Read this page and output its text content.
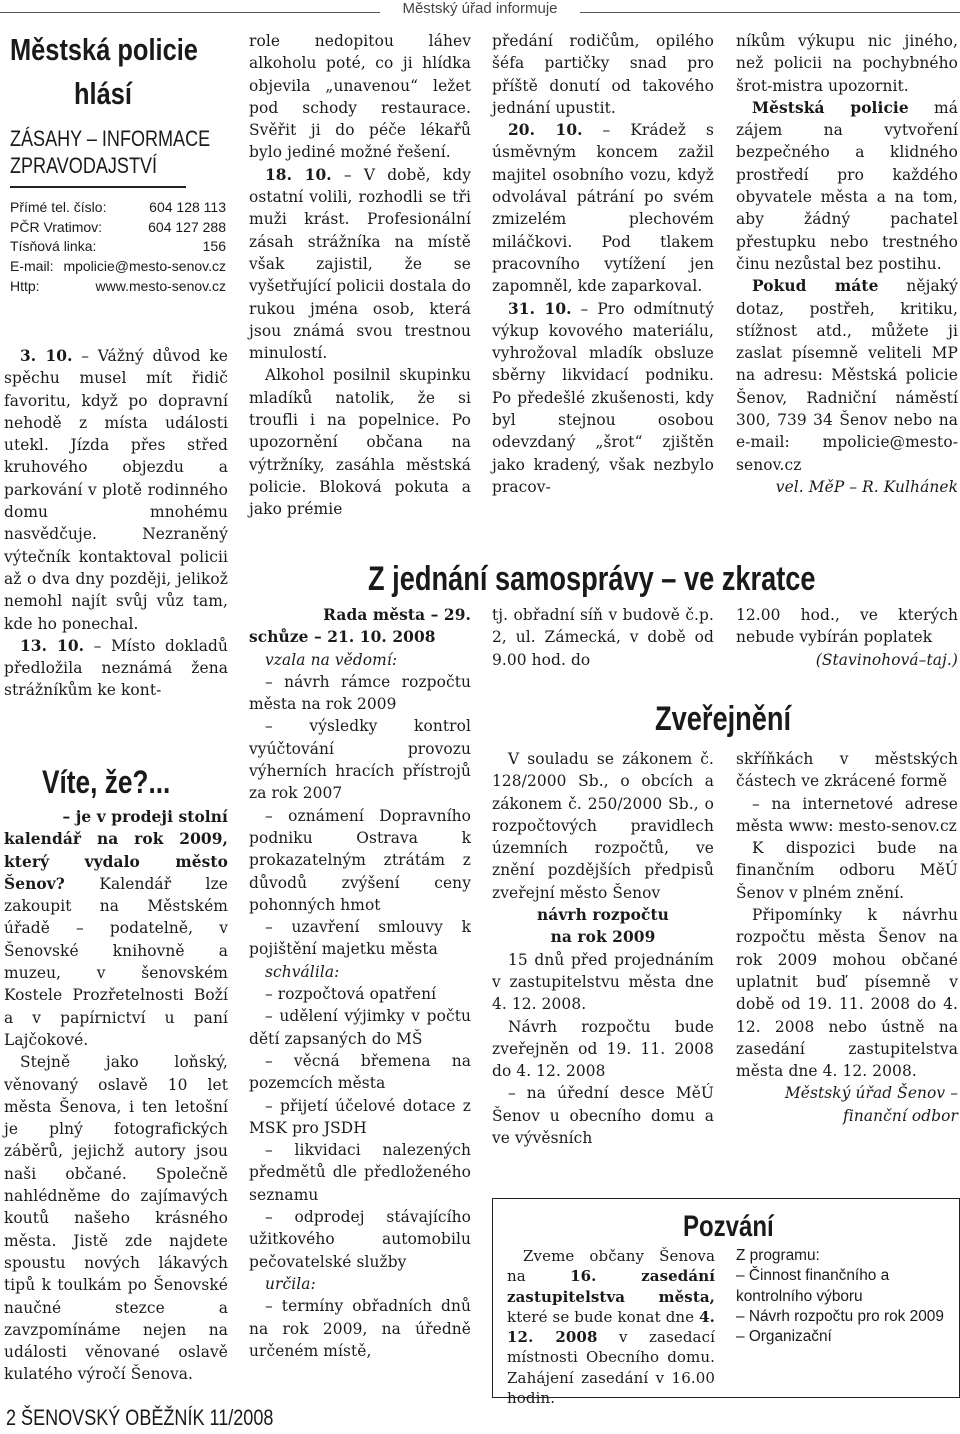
Městský úřad informuje
Městská policie
hlásí
ZÁSAHY – INFORMACE
ZPRAVODAJSTVÍ
Přímé tel. číslo:	604 128 113
PČR Vratimov:	604 127 288
Tísňová linka:	156
E-mail: mpolicie@mesto-senov.cz
Http:	www.mesto-senov.cz

3. 10. – Vážný důvod ke spěchu musel mít řidič favoritu, když po dopravní nehodě z místa události utekl. Jízda přes střed kruhového objezdu a parkování v plotě rodinného domu mnohému nasvědčuje. Nezraněný výtečník kontaktoval policii až o dva dny později, jelikož nemohl najít svůj vůz tam, kde ho ponechal.

13. 10. – Místo dokladů předložila neznámá žena strážníkům ke kont-

Víte, že?...

– je v prodeji stolní

kalendář na rok 2009, který vydalo město Šenov? Kalendář lze zakoupit na Městském úřadě – podatelně, v Šenovské knihovně a muzeu, v šenovském Kostele Prozřetelnosti Boží a v papírnictví u paní Lajčokové.

Stejně jako loňský, věnovaný oslavě 10 let města Šenova, i ten letošní je plný fotografických záběrů, jejichž autory jsou naši občané. Společně nahlédněme do zajímavých koutů našeho krásného města. Jistě zde najdete spoustu nových lákavých tipů k toulkám po Šenovské naučné stezce a zavzpomínáme nejen na události věnované oslavě kulatého výročí Šenova.

role nedopitou láhev alkoholu poté, co ji hlídka objevila „unavenou“ ležet pod schody restaurace. Svěřit ji do péče lékařů bylo jediné možné řešení.

18. 10. – V době, kdy ostatní volili, rozhodli se tři muži krást. Profesionální zásah strážníka na místě však zajistil, že se vyšetřující policii dostala do rukou jména osob, která jsou známá svou trestnou minulostí.

Alkohol posilnil skupinku mladíků natolik, že si troufli i na popelnice. Po upozornění občana na výtržníky, zasáhla městská policie. Bloková pokuta a jako prémie

předání rodičům, opilého šéfa partičky snad pro příště donutí od takového jednání upustit.

20. 10. – Krádež s úsměvným koncem zažil majitel osobního vozu, když odvolával pátrání po svém zmizelém plechovém miláčkovi. Pod tlakem pracovního vytížení jen zapomněl, kde zaparkoval.

31. 10. – Pro odmítnutý výkup kovového materiálu, vyhrožoval mladík obsluze sběrny likvidací podniku. Po předešlé zkušenosti, kdy byl stejnou osobou odevzdaný „šrot“ zjištěn jako kradený, však nezbylo pracov-

níkům výkupu nic jiného, než policii na pochybného šrot-mistra upozornit.

Městská policie má zájem na vytvoření bezpečného a klidného prostředí pro každého obyvatele města a na tom, aby žádný pachatel přestupku nebo trestného činu nezůstal bez postihu.

Pokud máte nějaký dotaz, postřeh, kritiku, stížnost atd., můžete ji zaslat písemně veliteli MP na adresu: Městská policie Šenov, Radniční náměstí 300, 739 34 Šenov nebo na e-mail: mpolicie@mesto-senov.cz

vel. MěP – R. Kulhánek

Z jednání samosprávy – ve zkratce

Rada města – 29.

schůze – 21. 10. 2008

vzala na vědomí:

– návrh rámce rozpočtu města na rok 2009

– výsledky kontrol vyúčtování provozu výherních hracích přístrojů za rok 2007

– oznámení Dopravního podniku Ostrava k prokazatelným ztrátám z důvodů zvýšení ceny pohonných hmot

– uzavření smlouvy k pojištění majetku města

schválila:

– rozpočtová opatření

– udělení výjimky v počtu dětí zapsaných do MŠ

– věcná břemena na pozemcích města

– přijetí účelové dotace z MSK pro JSDH

– likvidaci nalezených předmětů dle předloženého seznamu

– odprodej stávajícího užitkového automobilu pečovatelské služby

určila:

– termíny obřadních dnů na rok 2009, na úředně určeném místě,

tj. obřadní síň v budově č.p. 2, ul. Zámecká, v době od 9.00 hod. do

12.00 hod., ve kterých nebude vybírán poplatek

(Stavinohová–taj.)

Zveřejnění

V souladu se zákonem č. 128/2000 Sb., o obcích a zákonem č. 250/2000 Sb., o rozpočtových pravidlech územních rozpočtů, ve znění pozdějších předpisů zveřejní město Šenov

návrh rozpočtu

na rok 2009

15 dnů před projednáním v zastupitelstvu města dne 4. 12. 2008.

Návrh rozpočtu bude zveřejněn od 19. 11. 2008 do 4. 12. 2008

– na úřední desce MěÚ Šenov u obecního domu a ve vývěsních

skříňkách v městských částech ve zkrácené formě

– na internetové adrese města www: mesto-senov.cz

K dispozici bude na finančním odboru MěÚ Šenov v plném znění.

Připomínky k návrhu rozpočtu města Šenov na rok 2009 mohou občané uplatnit buď písemně v době od 19. 11. 2008 do 4. 12. 2008 nebo ústně na zasedání zastupitelstva města dne 4. 12. 2008.

Městský úřad Šenov – finanční odbor

Pozvání

Zveme občany Šenova na 16. zasedání zastupitelstva města, které se bude konat dne 4. 12. 2008 v zasedací místnosti Obecního domu. Zahájení zasedání v 16.00 hodin.

Z programu:
– Činnost finančního a kontrolního výboru
– Návrh rozpočtu pro rok 2009
– Organizační
2 ŠENOVSKÝ OBĚŽNÍK 11/2008
